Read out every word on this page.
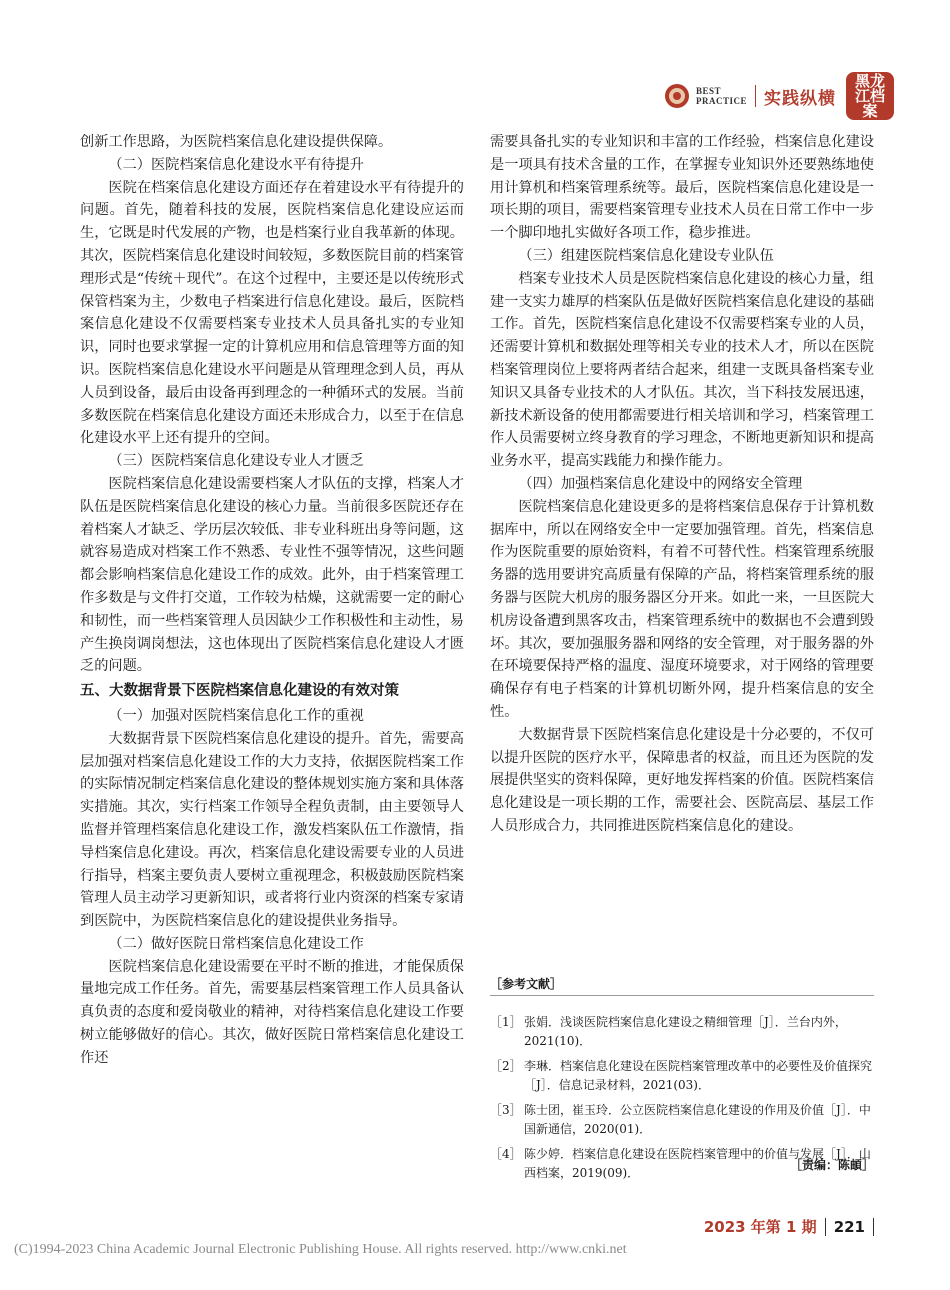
BEST
PRACTICE 实践纵横
黑龙
江档案

创新工作思路，为医院档案信息化建设提供保障。

（二）医院档案信息化建设水平有待提升

医院在档案信息化建设方面还存在着建设水平有待提升的问题。首先，随着科技的发展，医院档案信息化建设应运而生，它既是时代发展的产物，也是档案行业自我革新的体现。其次，医院档案信息化建设时间较短，多数医院目前的档案管理形式是“传统＋现代”。在这个过程中，主要还是以传统形式保管档案为主，少数电子档案进行信息化建设。最后，医院档案信息化建设不仅需要档案专业技术人员具备扎实的专业知识，同时也要求掌握一定的计算机应用和信息管理等方面的知识。医院档案信息化建设水平问题是从管理理念到人员，再从人员到设备，最后由设备再到理念的一种循环式的发展。当前多数医院在档案信息化建设方面还未形成合力，以至于在信息化建设水平上还有提升的空间。

（三）医院档案信息化建设专业人才匮乏

医院档案信息化建设需要档案人才队伍的支撑，档案人才队伍是医院档案信息化建设的核心力量。当前很多医院还存在着档案人才缺乏、学历层次较低、非专业科班出身等问题，这就容易造成对档案工作不熟悉、专业性不强等情况，这些问题都会影响档案信息化建设工作的成效。此外，由于档案管理工作多数是与文件打交道，工作较为枯燥，这就需要一定的耐心和韧性，而一些档案管理人员因缺少工作积极性和主动性，易产生换岗调岗想法，这也体现出了医院档案信息化建设人才匮乏的问题。

五、大数据背景下医院档案信息化建设的有效对策

（一）加强对医院档案信息化工作的重视

大数据背景下医院档案信息化建设的提升。首先，需要高层加强对档案信息化建设工作的大力支持，依据医院档案工作的实际情况制定档案信息化建设的整体规划实施方案和具体落实措施。其次，实行档案工作领导全程负责制，由主要领导人监督并管理档案信息化建设工作，激发档案队伍工作激情，指导档案信息化建设。再次，档案信息化建设需要专业的人员进行指导，档案主要负责人要树立重视理念，积极鼓励医院档案管理人员主动学习更新知识，或者将行业内资深的档案专家请到医院中，为医院档案信息化的建设提供业务指导。

（二）做好医院日常档案信息化建设工作

医院档案信息化建设需要在平时不断的推进，才能保质保量地完成工作任务。首先，需要基层档案管理工作人员具备认真负责的态度和爱岗敬业的精神，对待档案信息化建设工作要树立能够做好的信心。其次，做好医院日常档案信息化建设工作还

需要具备扎实的专业知识和丰富的工作经验，档案信息化建设是一项具有技术含量的工作，在掌握专业知识外还要熟练地使用计算机和档案管理系统等。最后，医院档案信息化建设是一项长期的项目，需要档案管理专业技术人员在日常工作中一步一个脚印地扎实做好各项工作，稳步推进。

（三）组建医院档案信息化建设专业队伍

档案专业技术人员是医院档案信息化建设的核心力量，组建一支实力雄厚的档案队伍是做好医院档案信息化建设的基础工作。首先，医院档案信息化建设不仅需要档案专业的人员，还需要计算机和数据处理等相关专业的技术人才，所以在医院档案管理岗位上要将两者结合起来，组建一支既具备档案专业知识又具备专业技术的人才队伍。其次，当下科技发展迅速，新技术新设备的使用都需要进行相关培训和学习，档案管理工作人员需要树立终身教育的学习理念，不断地更新知识和提高业务水平，提高实践能力和操作能力。

（四）加强档案信息化建设中的网络安全管理

医院档案信息化建设更多的是将档案信息保存于计算机数据库中，所以在网络安全中一定要加强管理。首先，档案信息作为医院重要的原始资料，有着不可替代性。档案管理系统服务器的选用要讲究高质量有保障的产品，将档案管理系统的服务器与医院大机房的服务器区分开来。如此一来，一旦医院大机房设备遭到黑客攻击，档案管理系统中的数据也不会遭到毁坏。其次，要加强服务器和网络的安全管理，对于服务器的外在环境要保持严格的温度、湿度环境要求，对于网络的管理要确保存有电子档案的计算机切断外网，提升档案信息的安全性。

大数据背景下医院档案信息化建设是十分必要的，不仅可以提升医院的医疗水平，保障患者的权益，而且还为医院的发展提供坚实的资料保障，更好地发挥档案的价值。医院档案信息化建设是一项长期的工作，需要社会、医院高层、基层工作人员形成合力，共同推进医院档案信息化的建设。

［参考文献］
［1］ 张娟．浅谈医院档案信息化建设之精细管理［J］．兰台内外，2021(10)．
［2］ 李琳．档案信息化建设在医院档案管理改革中的必要性及价值探究［J］．信息记录材料，2021(03)．
［3］ 陈士团，崔玉玲．公立医院档案信息化建设的作用及价值［J］．中国新通信，2020(01)．
［4］ 陈少婷．档案信息化建设在医院档案管理中的价值与发展［J］．山西档案，2019(09)．
［责编：陈頔］
2023 年第 1 期 221
(C)1994-2023 China Academic Journal Electronic Publishing House. All rights reserved. http://www.cnki.net
